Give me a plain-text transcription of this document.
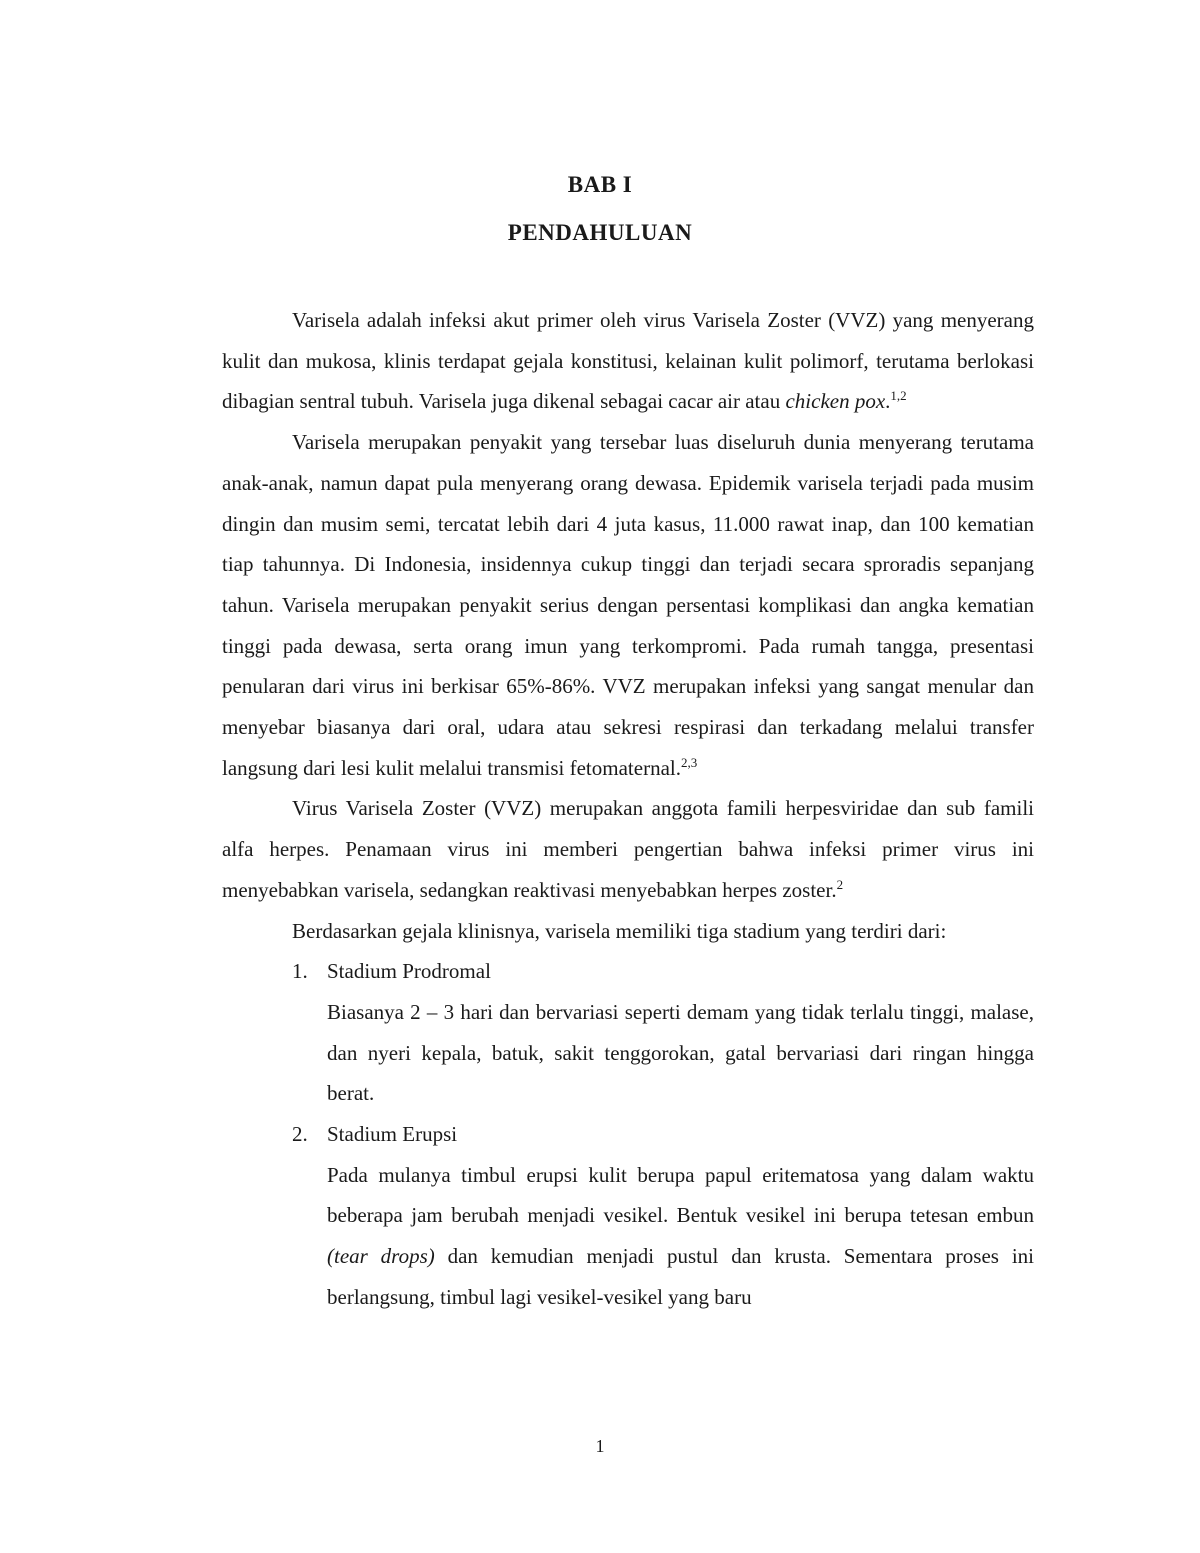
BAB I
PENDAHULUAN

Varisela adalah infeksi akut primer oleh virus Varisela Zoster (VVZ) yang menyerang kulit dan mukosa, klinis terdapat gejala konstitusi, kelainan kulit polimorf, terutama berlokasi dibagian sentral tubuh. Varisela juga dikenal sebagai cacar air atau chicken pox.$^{1,2}$

Varisela merupakan penyakit yang tersebar luas diseluruh dunia menyerang terutama anak-anak, namun dapat pula menyerang orang dewasa. Epidemik varisela terjadi pada musim dingin dan musim semi, tercatat lebih dari 4 juta kasus, 11.000 rawat inap, dan 100 kematian tiap tahunnya. Di Indonesia, insidennya cukup tinggi dan terjadi secara sproradis sepanjang tahun. Varisela merupakan penyakit serius dengan persentasi komplikasi dan angka kematian tinggi pada dewasa, serta orang imun yang terkompromi. Pada rumah tangga, presentasi penularan dari virus ini berkisar 65%-86%. VVZ merupakan infeksi yang sangat menular dan menyebar biasanya dari oral, udara atau sekresi respirasi dan terkadang melalui transfer langsung dari lesi kulit melalui transmisi fetomaternal.$^{2,3}$

Virus Varisela Zoster (VVZ) merupakan anggota famili herpesviridae dan sub famili alfa herpes. Penamaan virus ini memberi pengertian bahwa infeksi primer virus ini menyebabkan varisela, sedangkan reaktivasi menyebabkan herpes zoster.$^2$

Berdasarkan gejala klinisnya, varisela memiliki tiga stadium yang terdiri dari:

1. Stadium Prodromal

Biasanya 2 – 3 hari dan bervariasi seperti demam yang tidak terlalu tinggi, malase, dan nyeri kepala, batuk, sakit tenggorokan, gatal bervariasi dari ringan hingga berat.

2. Stadium Erupsi

Pada mulanya timbul erupsi kulit berupa papul eritematosa yang dalam waktu beberapa jam berubah menjadi vesikel. Bentuk vesikel ini berupa tetesan embun (tear drops) dan kemudian menjadi pustul dan krusta. Sementara proses ini berlangsung, timbul lagi vesikel-vesikel yang baru

1
